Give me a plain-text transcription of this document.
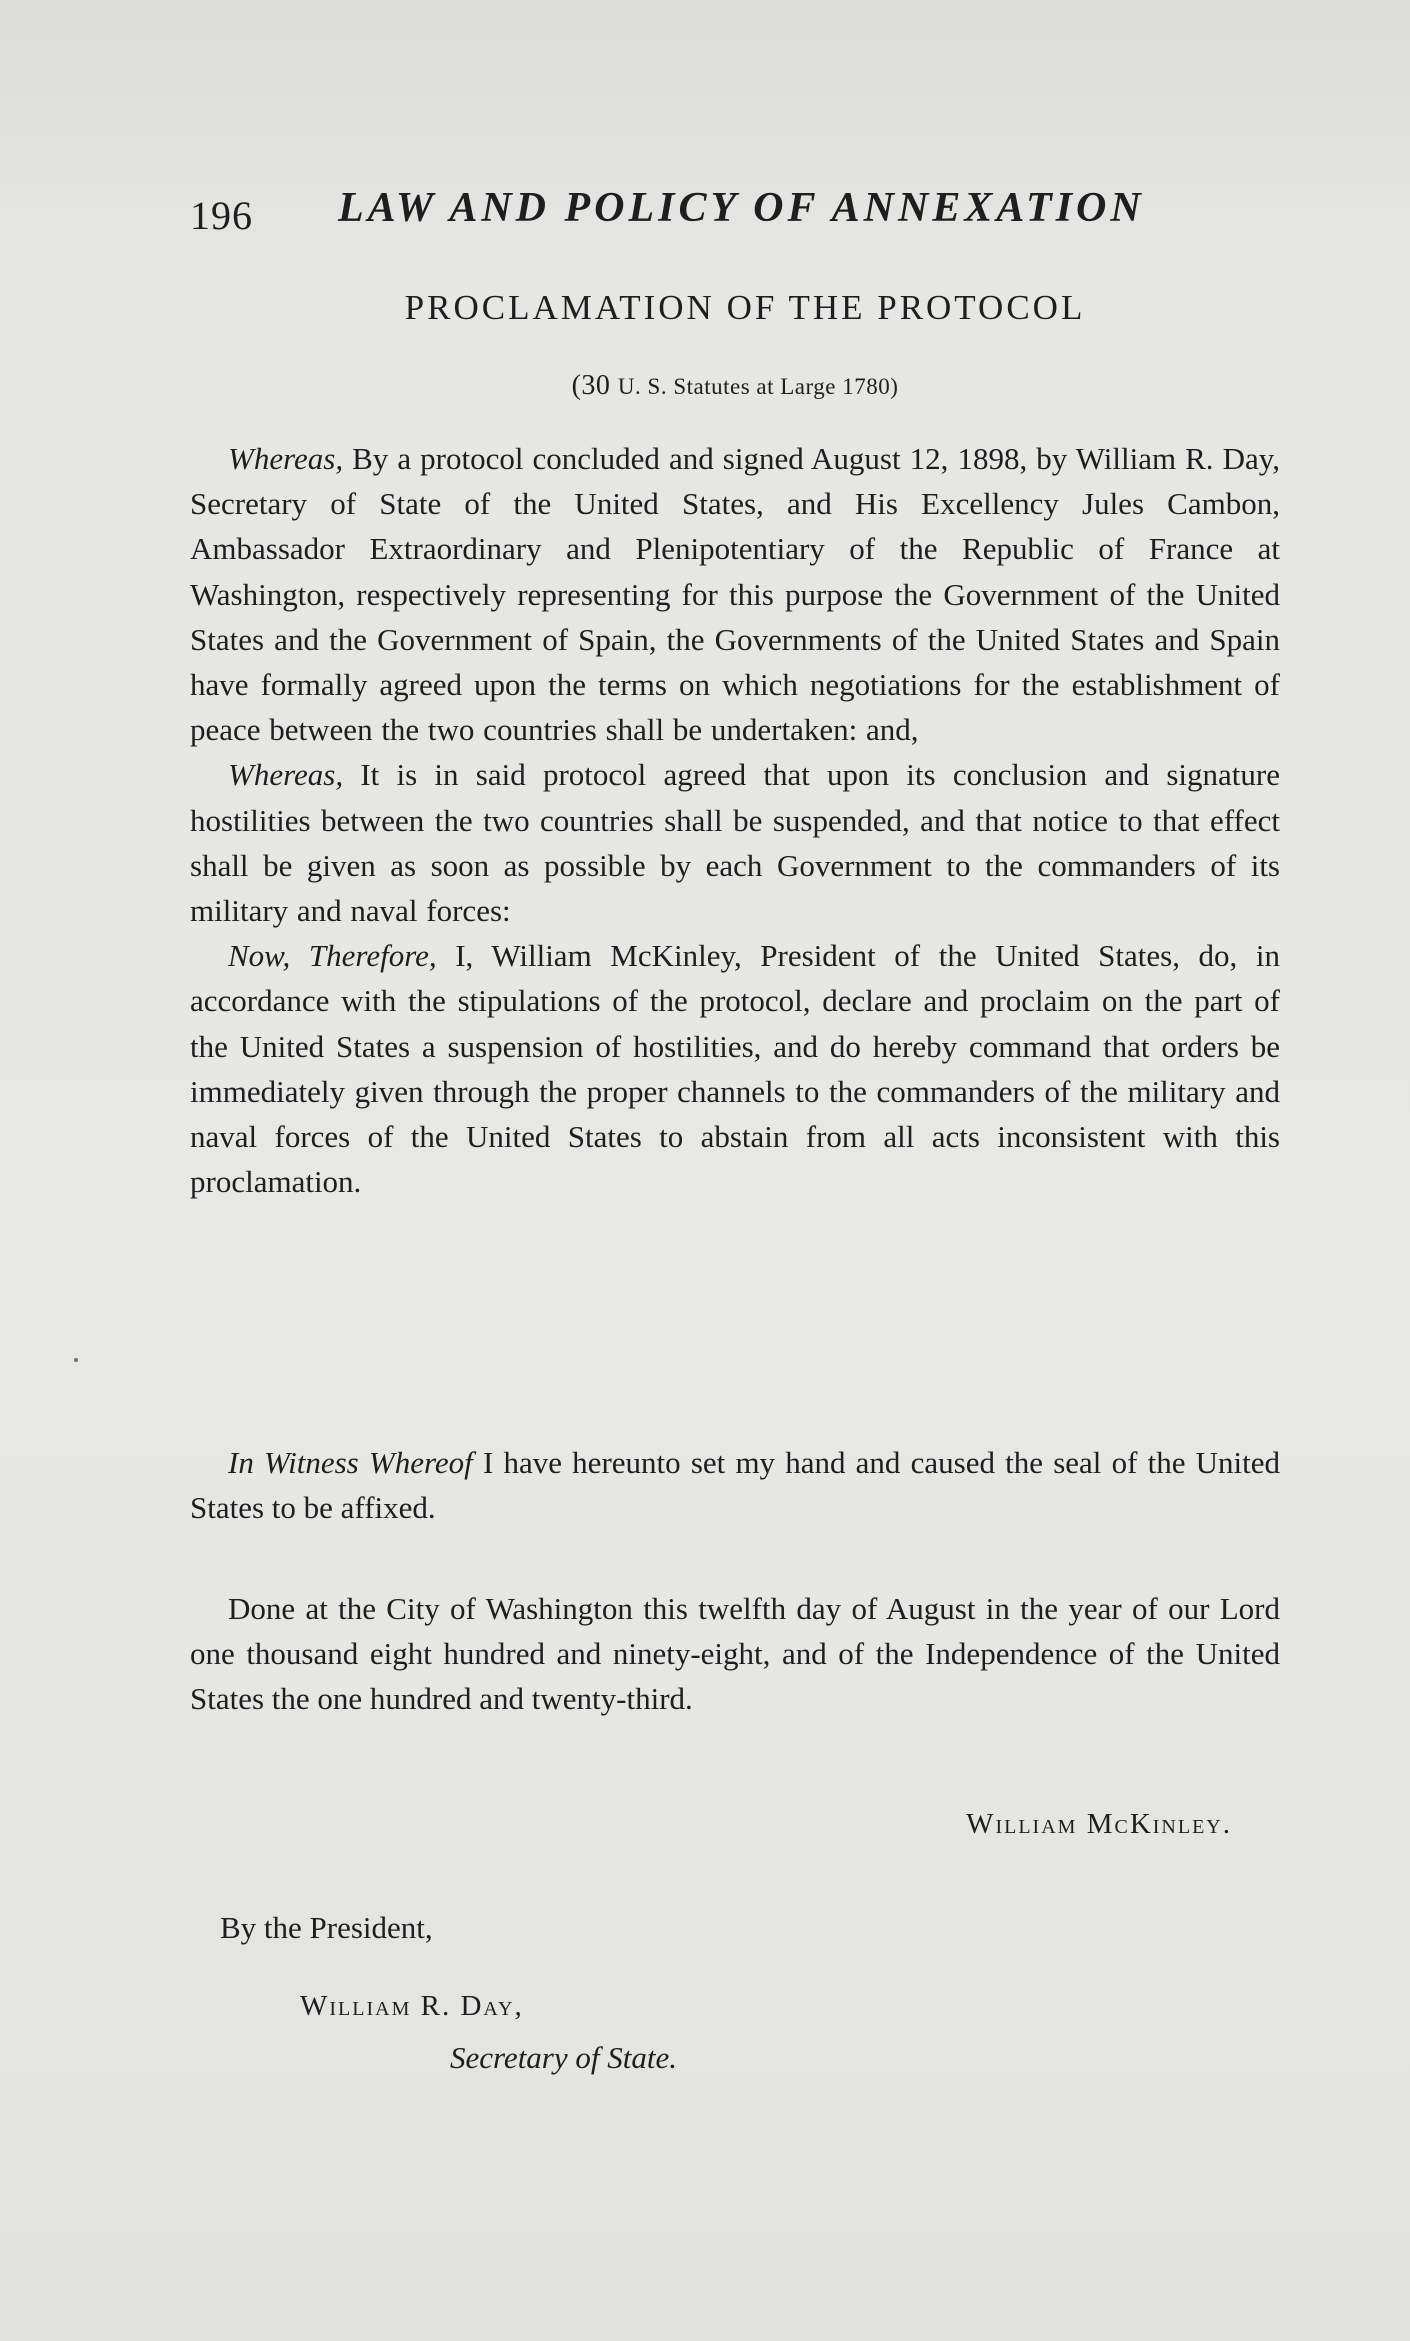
196 LAW AND POLICY OF ANNEXATION
PROCLAMATION OF THE PROTOCOL
(30 U. S. Statutes at Large 1780)

Whereas, By a protocol concluded and signed August 12, 1898, by William R. Day, Secretary of State of the United States, and His Excellency Jules Cambon, Ambassador Extraordinary and Plenipotentiary of the Republic of France at Washington, respectively representing for this purpose the Government of the United States and the Government of Spain, the Governments of the United States and Spain have formally agreed upon the terms on which negotiations for the establishment of peace between the two countries shall be undertaken: and,

Whereas, It is in said protocol agreed that upon its conclusion and signature hostilities between the two countries shall be suspended, and that notice to that effect shall be given as soon as possible by each Government to the commanders of its military and naval forces:

Now, Therefore, I, William McKinley, President of the United States, do, in accordance with the stipulations of the protocol, declare and proclaim on the part of the United States a suspension of hostilities, and do hereby command that orders be immediately given through the proper channels to the commanders of the military and naval forces of the United States to abstain from all acts inconsistent with this proclamation.

In Witness Whereof I have hereunto set my hand and caused the seal of the United States to be affixed.

Done at the City of Washington this twelfth day of August in the year of our Lord one thousand eight hundred and ninety-eight, and of the Independence of the United States the one hundred and twenty-third.

William McKinley.
By the President,
William R. Day,
Secretary of State.
